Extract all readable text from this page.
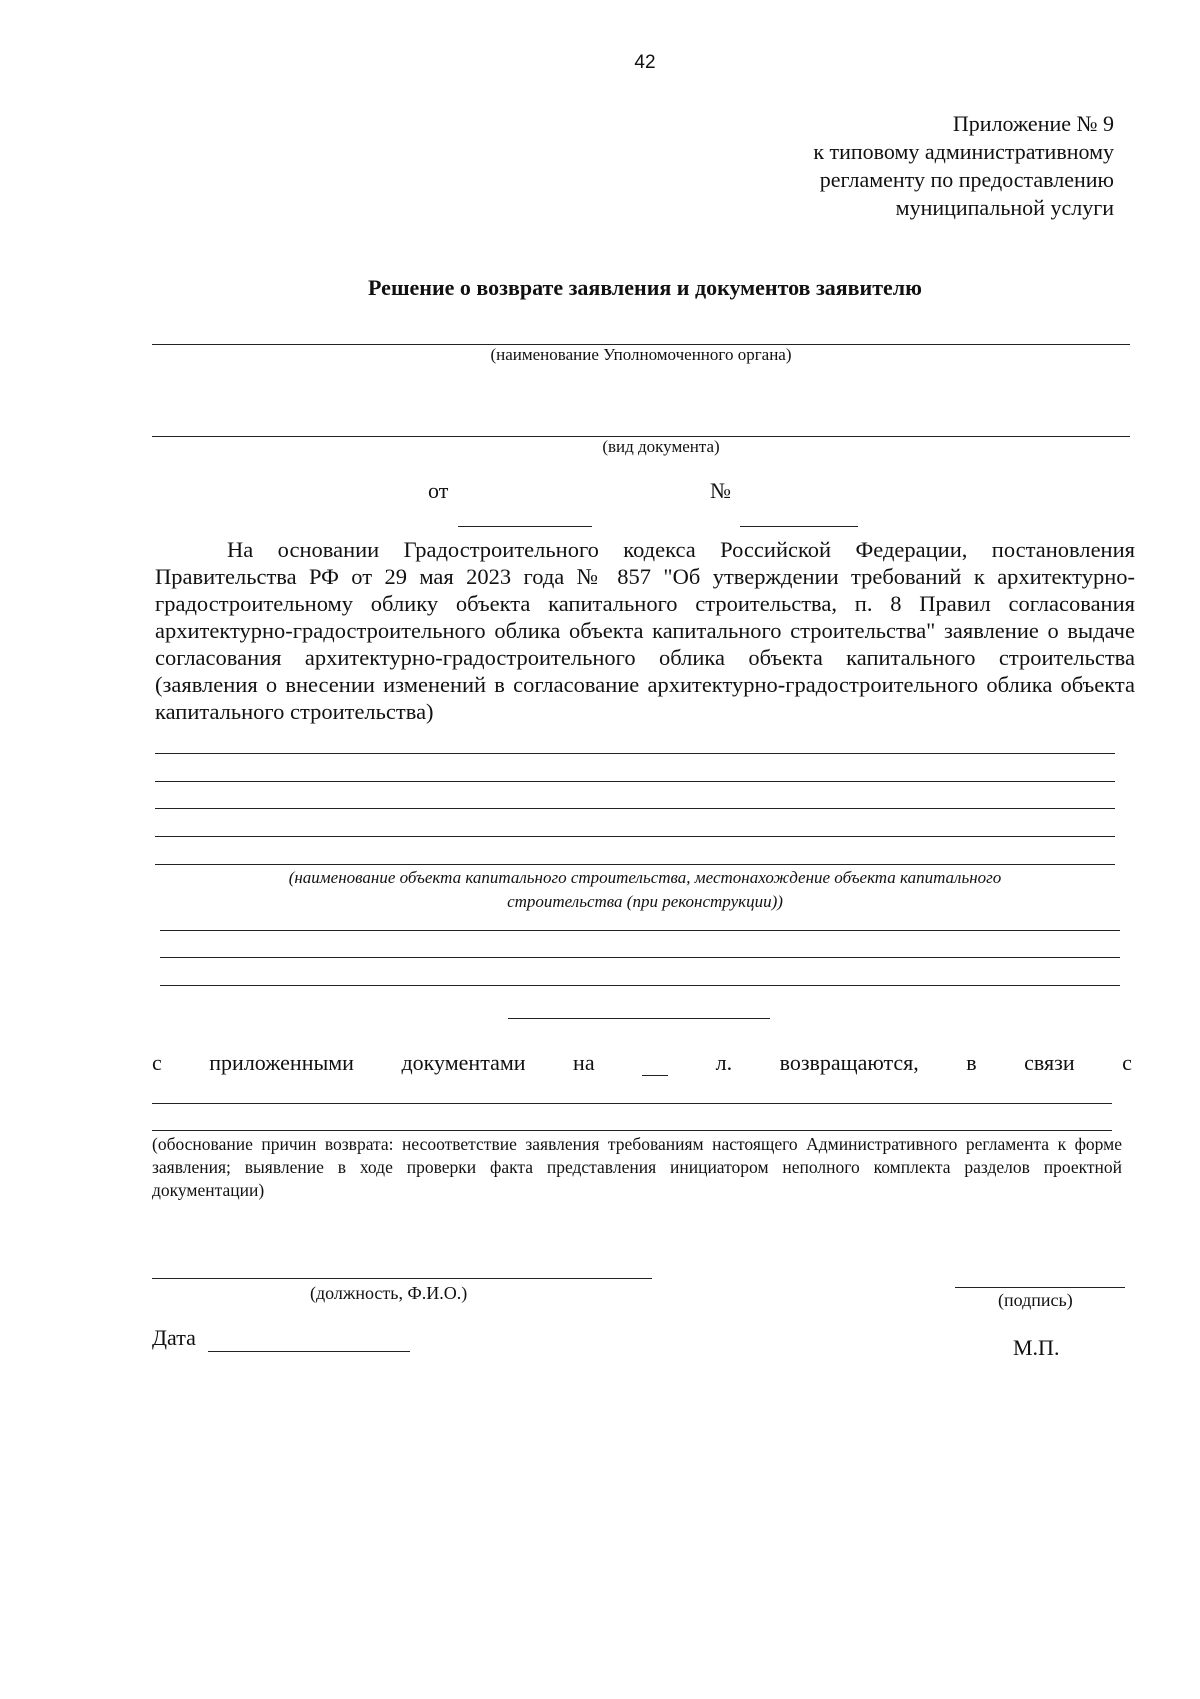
42
Приложение № 9
к типовому административному
регламенту по предоставлению
муниципальной услуги
Решение о возврате заявления и документов заявителю
(наименование Уполномоченного органа)
(вид документа)
от	№
На основании Градостроительного кодекса Российской Федерации, постановления Правительства РФ от 29 мая 2023 года № 857 "Об утверждении требований к архитектурно-градостроительному облику объекта капитального строительства, п. 8 Правил согласования архитектурно-градостроительного облика объекта капитального строительства" заявление о выдаче согласования архитектурно-градостроительного облика объекта капитального строительства (заявления о внесении изменений в согласование архитектурно-градостроительного облика объекта капитального строительства)
(наименование объекта капитального строительства, местонахождение объекта капитального
строительства (при реконструкции))
с приложенными документами на	л. возвращаются, в связи с
(обоснование причин возврата: несоответствие заявления требованиям настоящего Административного регламента к форме заявления; выявление в ходе проверки факта представления инициатором неполного комплекта разделов проектной документации)
(должность, Ф.И.О.)	(подпись)
Дата	М.П.
